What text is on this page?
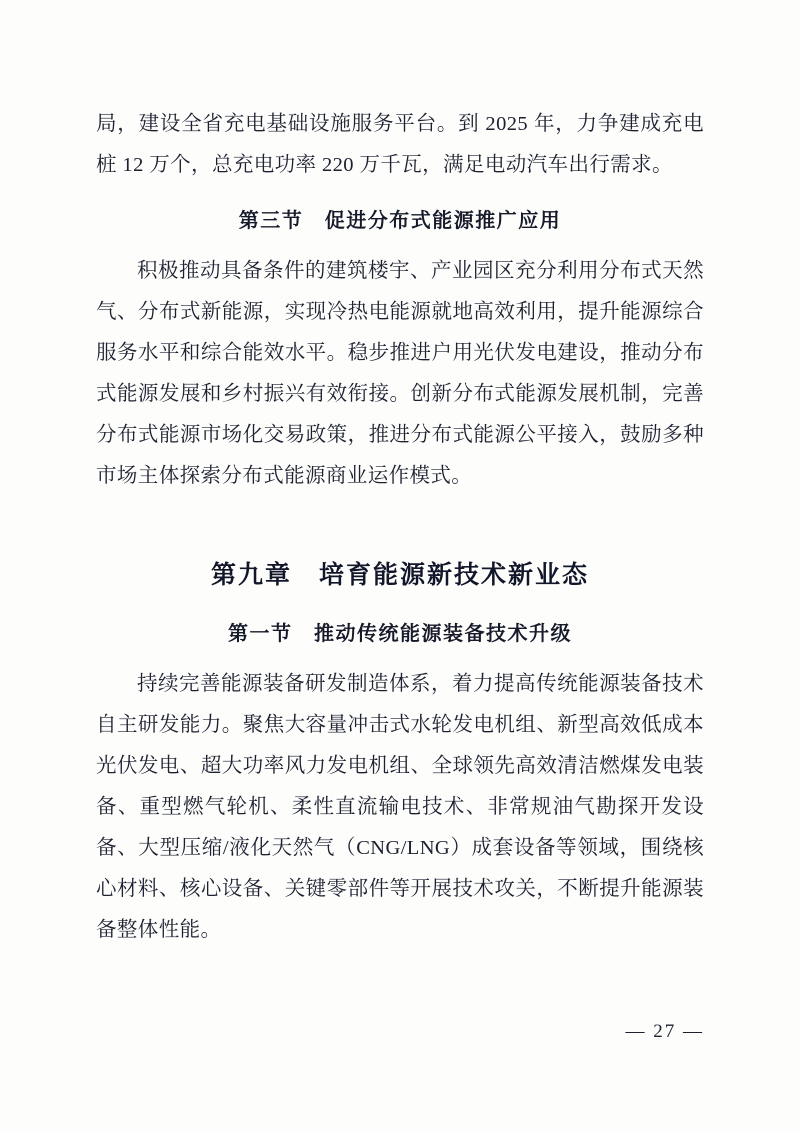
局，建设全省充电基础设施服务平台。到 2025 年，力争建成充电桩 12 万个，总充电功率 220 万千瓦，满足电动汽车出行需求。

第三节　促进分布式能源推广应用

积极推动具备条件的建筑楼宇、产业园区充分利用分布式天然气、分布式新能源，实现冷热电能源就地高效利用，提升能源综合服务水平和综合能效水平。稳步推进户用光伏发电建设，推动分布式能源发展和乡村振兴有效衔接。创新分布式能源发展机制，完善分布式能源市场化交易政策，推进分布式能源公平接入，鼓励多种市场主体探索分布式能源商业运作模式。

第九章　培育能源新技术新业态
第一节　推动传统能源装备技术升级

持续完善能源装备研发制造体系，着力提高传统能源装备技术自主研发能力。聚焦大容量冲击式水轮发电机组、新型高效低成本光伏发电、超大功率风力发电机组、全球领先高效清洁燃煤发电装备、重型燃气轮机、柔性直流输电技术、非常规油气勘探开发设备、大型压缩/液化天然气（CNG/LNG）成套设备等领域，围绕核心材料、核心设备、关键零部件等开展技术攻关，不断提升能源装备整体性能。

— 27 —
